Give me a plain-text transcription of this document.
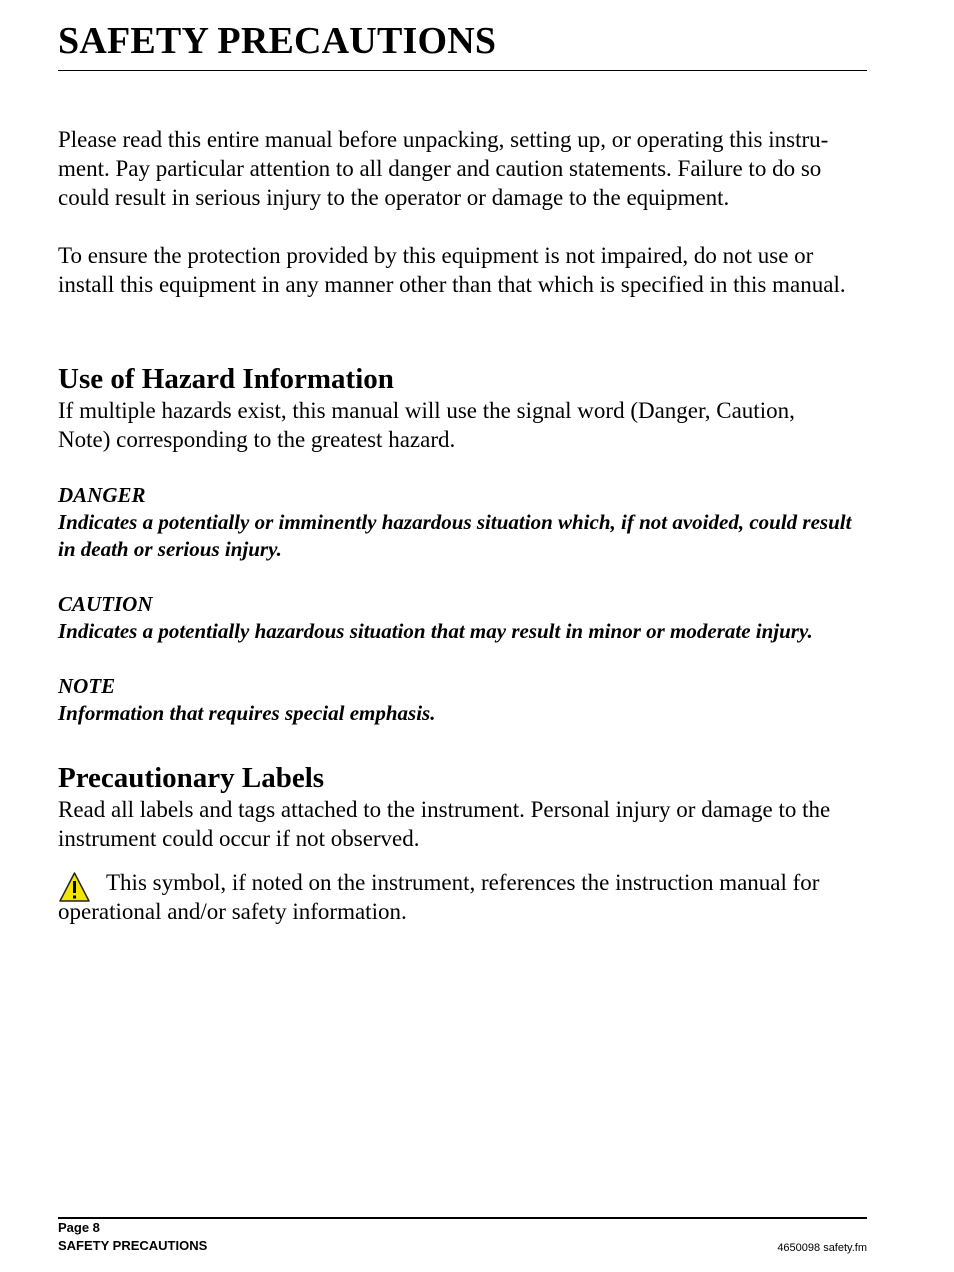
SAFETY PRECAUTIONS
Please read this entire manual before unpacking, setting up, or operating this instru-
ment. Pay particular attention to all danger and caution statements. Failure to do so
could result in serious injury to the operator or damage to the equipment.

To ensure the protection provided by this equipment is not impaired, do not use or install this equipment in any manner other than that which is specified in this manual.

Use of Hazard Information

If multiple hazards exist, this manual will use the signal word (Danger, Caution, Note) corresponding to the greatest hazard.

DANGER

Indicates a potentially or imminently hazardous situation which, if not avoided, could result in death or serious injury.

CAUTION

Indicates a potentially hazardous situation that may result in minor or moderate injury.

NOTE

Information that requires special emphasis.

Precautionary Labels

Read all labels and tags attached to the instrument. Personal injury or damage to the instrument could occur if not observed.

This symbol, if noted on the instrument, references the instruction manual for operational and/or safety information.

Page 8

SAFETY PRECAUTIONS	4650098 safety.fm
